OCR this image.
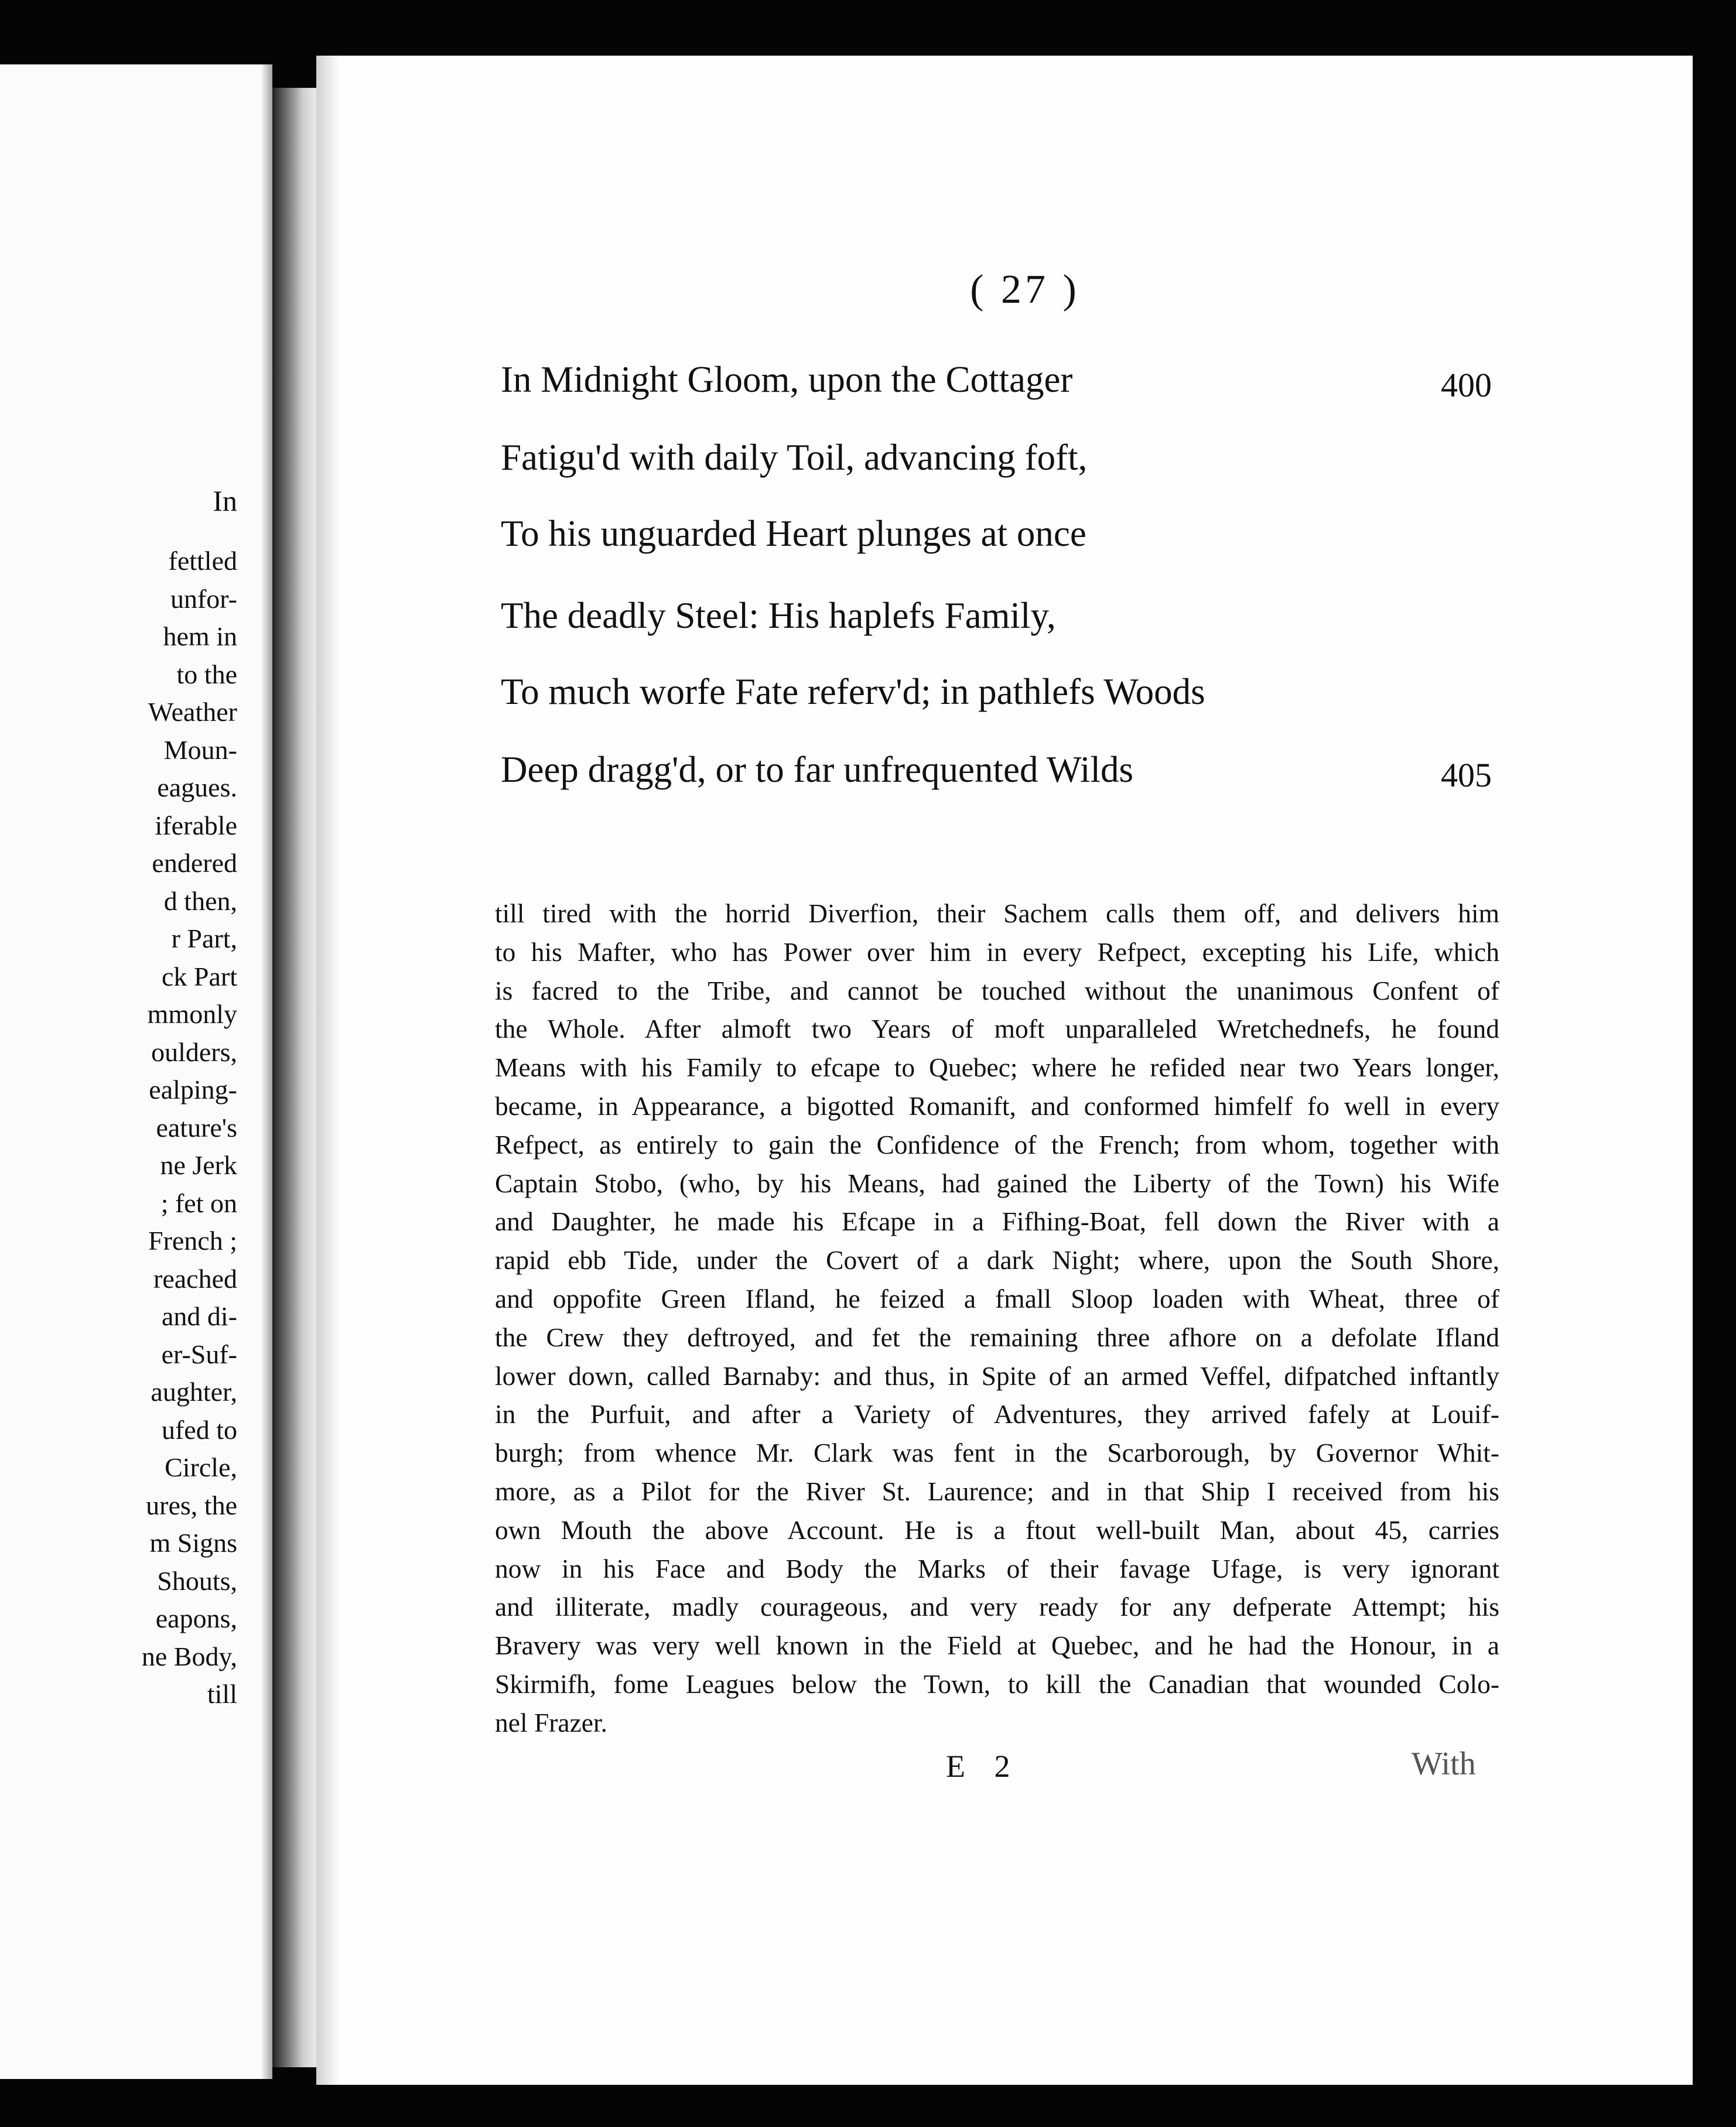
In
fettled
unfor-
hem in
to the
Weather
Moun-
eagues.
iferable
endered
d then,
r Part,
ck Part
mmonly
oulders,
ealping-
eature's
ne Jerk
; fet on
French ;
reached
and di-
er-Suf-
aughter,
ufed to
Circle,
ures, the
m Signs
Shouts,
eapons,
ne Body,
till
( 27 )
In Midnight Gloom, upon the Cottager	400
Fatigu'd with daily Toil, advancing foft,
To his unguarded Heart plunges at once
The deadly Steel: His haplefs Family,
To much worfe Fate referv'd; in pathlefs Woods
Deep dragg'd, or to far unfrequented Wilds	405
till tired with the horrid Diverfion, their Sachem calls them off, and delivers him
to his Mafter, who has Power over him in every Refpect, excepting his Life, which
is facred to the Tribe, and cannot be touched without the unanimous Confent of
the Whole. After almoft two Years of moft unparalleled Wretchednefs, he found
Means with his Family to efcape to Quebec; where he refided near two Years longer,
became, in Appearance, a bigotted Romanift, and conformed himfelf fo well in every
Refpect, as entirely to gain the Confidence of the French; from whom, together with
Captain Stobo, (who, by his Means, had gained the Liberty of the Town) his Wife
and Daughter, he made his Efcape in a Fifhing-Boat, fell down the River with a
rapid ebb Tide, under the Covert of a dark Night; where, upon the South Shore,
and oppofite Green Ifland, he feized a fmall Sloop loaden with Wheat, three of
the Crew they deftroyed, and fet the remaining three afhore on a defolate Ifland
lower down, called Barnaby: and thus, in Spite of an armed Veffel, difpatched inftantly
in the Purfuit, and after a Variety of Adventures, they arrived fafely at Louif-
burgh; from whence Mr. Clark was fent in the Scarborough, by Governor Whit-
more, as a Pilot for the River St. Laurence; and in that Ship I received from his
own Mouth the above Account. He is a ftout well-built Man, about 45, carries
now in his Face and Body the Marks of their favage Ufage, is very ignorant
and illiterate, madly courageous, and very ready for any defperate Attempt; his
Bravery was very well known in the Field at Quebec, and he had the Honour, in a
Skirmifh, fome Leagues below the Town, to kill the Canadian that wounded Colo-
nel Frazer.
E 2	With
